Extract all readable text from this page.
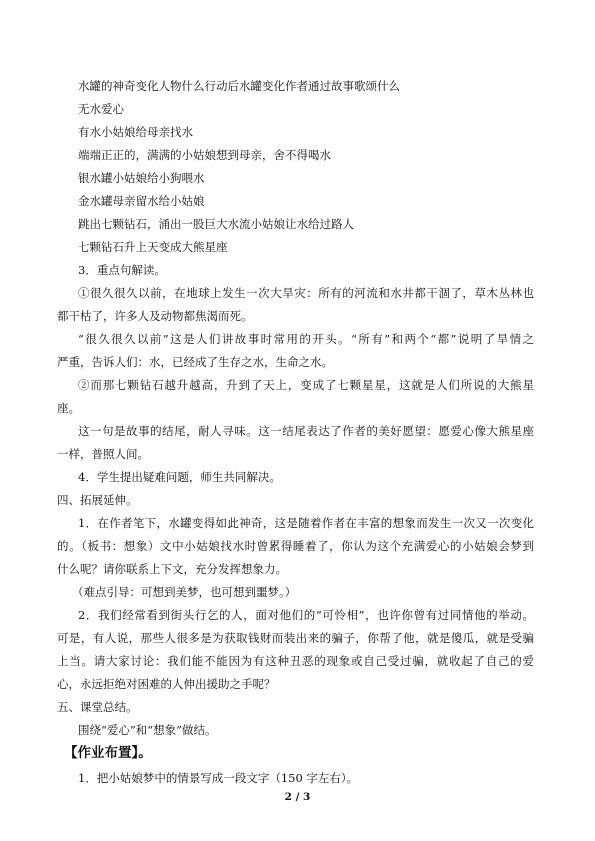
水罐的神奇变化人物什么行动后水罐变化作者通过故事歌颂什么
无水爱心
有水小姑娘给母亲找水
端端正正的，满满的小姑娘想到母亲，舍不得喝水
银水罐小姑娘给小狗喂水
金水罐母亲留水给小姑娘
跳出七颗钻石，涌出一股巨大水流小姑娘让水给过路人
七颗钻石升上天变成大熊星座
3．重点句解读。
①很久很久以前，在地球上发生一次大旱灾：所有的河流和水井都干涸了，草木丛林也
都干枯了，许多人及动物都焦渴而死。
“很久很久以前”这是人们讲故事时常用的开头。“所有”和两个“都”说明了旱情之
严重，告诉人们：水，已经成了生存之水，生命之水。
②而那七颗钻石越升越高，升到了天上，变成了七颗星星，这就是人们所说的大熊星
座。
这一句是故事的结尾，耐人寻味。这一结尾表达了作者的美好愿望：愿爱心像大熊星座
一样，普照人间。
4．学生提出疑难问题，师生共同解决。
四、拓展延伸。
1．在作者笔下，水罐变得如此神奇，这是随着作者在丰富的想象而发生一次又一次变化
的。（板书：想象）文中小姑娘找水时曾累得睡着了，你认为这个充满爱心的小姑娘会梦到
什么呢？请你联系上下文，充分发挥想象力。
（难点引导：可想到美梦，也可想到噩梦。）
2．我们经常看到街头行乞的人，面对他们的“可怜相”，也许你曾有过同情他的举动。
可是，有人说，那些人很多是为获取钱财而装出来的骗子，你帮了他，就是傻瓜，就是受骗
上当。请大家讨论：我们能不能因为有这种丑恶的现象或自己受过骗，就收起了自己的爱
心，永远拒绝对困难的人伸出援助之手呢？
五、课堂总结。
围绕“爱心”和“想象”做结。
【作业布置】。
1．把小姑娘梦中的情景写成一段文字（150 字左右）。
2 / 3
